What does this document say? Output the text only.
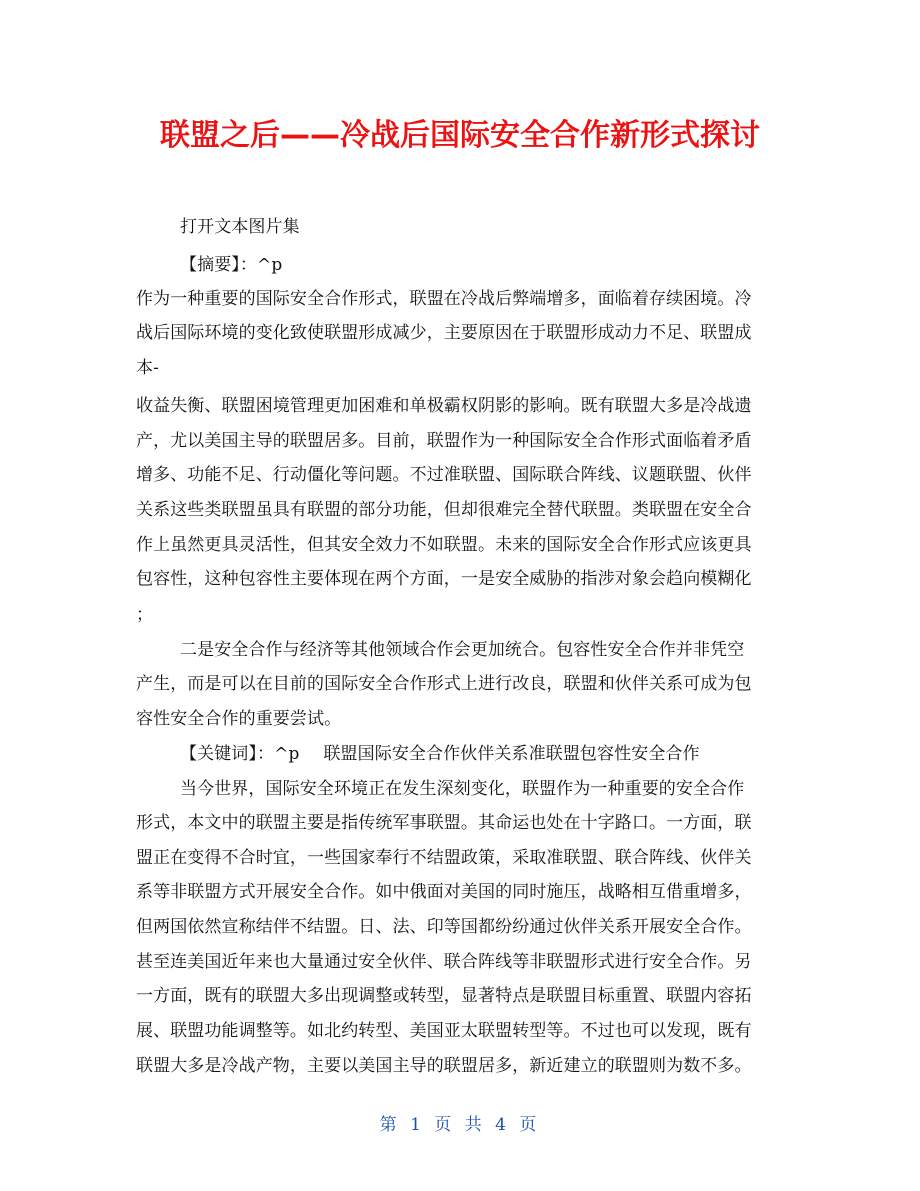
联盟之后——冷战后国际安全合作新形式探讨
打开文本图片集
【摘要】：^p
作为一种重要的国际安全合作形式，联盟在冷战后弊端增多，面临着存续困境。冷
战后国际环境的变化致使联盟形成减少，主要原因在于联盟形成动力不足、联盟成
本-
收益失衡、联盟困境管理更加困难和单极霸权阴影的影响。既有联盟大多是冷战遗
产，尤以美国主导的联盟居多。目前，联盟作为一种国际安全合作形式面临着矛盾
增多、功能不足、行动僵化等问题。不过准联盟、国际联合阵线、议题联盟、伙伴
关系这些类联盟虽具有联盟的部分功能，但却很难完全替代联盟。类联盟在安全合
作上虽然更具灵活性，但其安全效力不如联盟。未来的国际安全合作形式应该更具
包容性，这种包容性主要体现在两个方面，一是安全威胁的指涉对象会趋向模糊化
；
二是安全合作与经济等其他领域合作会更加统合。包容性安全合作并非凭空
产生，而是可以在目前的国际安全合作形式上进行改良，联盟和伙伴关系可成为包
容性安全合作的重要尝试。
【关键词】：^p 联盟国际安全合作伙伴关系准联盟包容性安全合作
当今世界，国际安全环境正在发生深刻变化，联盟作为一种重要的安全合作
形式，本文中的联盟主要是指传统军事联盟。其命运也处在十字路口。一方面，联
盟正在变得不合时宜，一些国家奉行不结盟政策，采取准联盟、联合阵线、伙伴关
系等非联盟方式开展安全合作。如中俄面对美国的同时施压，战略相互借重增多，
但两国依然宣称结伴不结盟。日、法、印等国都纷纷通过伙伴关系开展安全合作。
甚至连美国近年来也大量通过安全伙伴、联合阵线等非联盟形式进行安全合作。另
一方面，既有的联盟大多出现调整或转型，显著特点是联盟目标重置、联盟内容拓
展、联盟功能调整等。如北约转型、美国亚太联盟转型等。不过也可以发现，既有
联盟大多是冷战产物，主要以美国主导的联盟居多，新近建立的联盟则为数不多。
第 1 页 共 4 页
